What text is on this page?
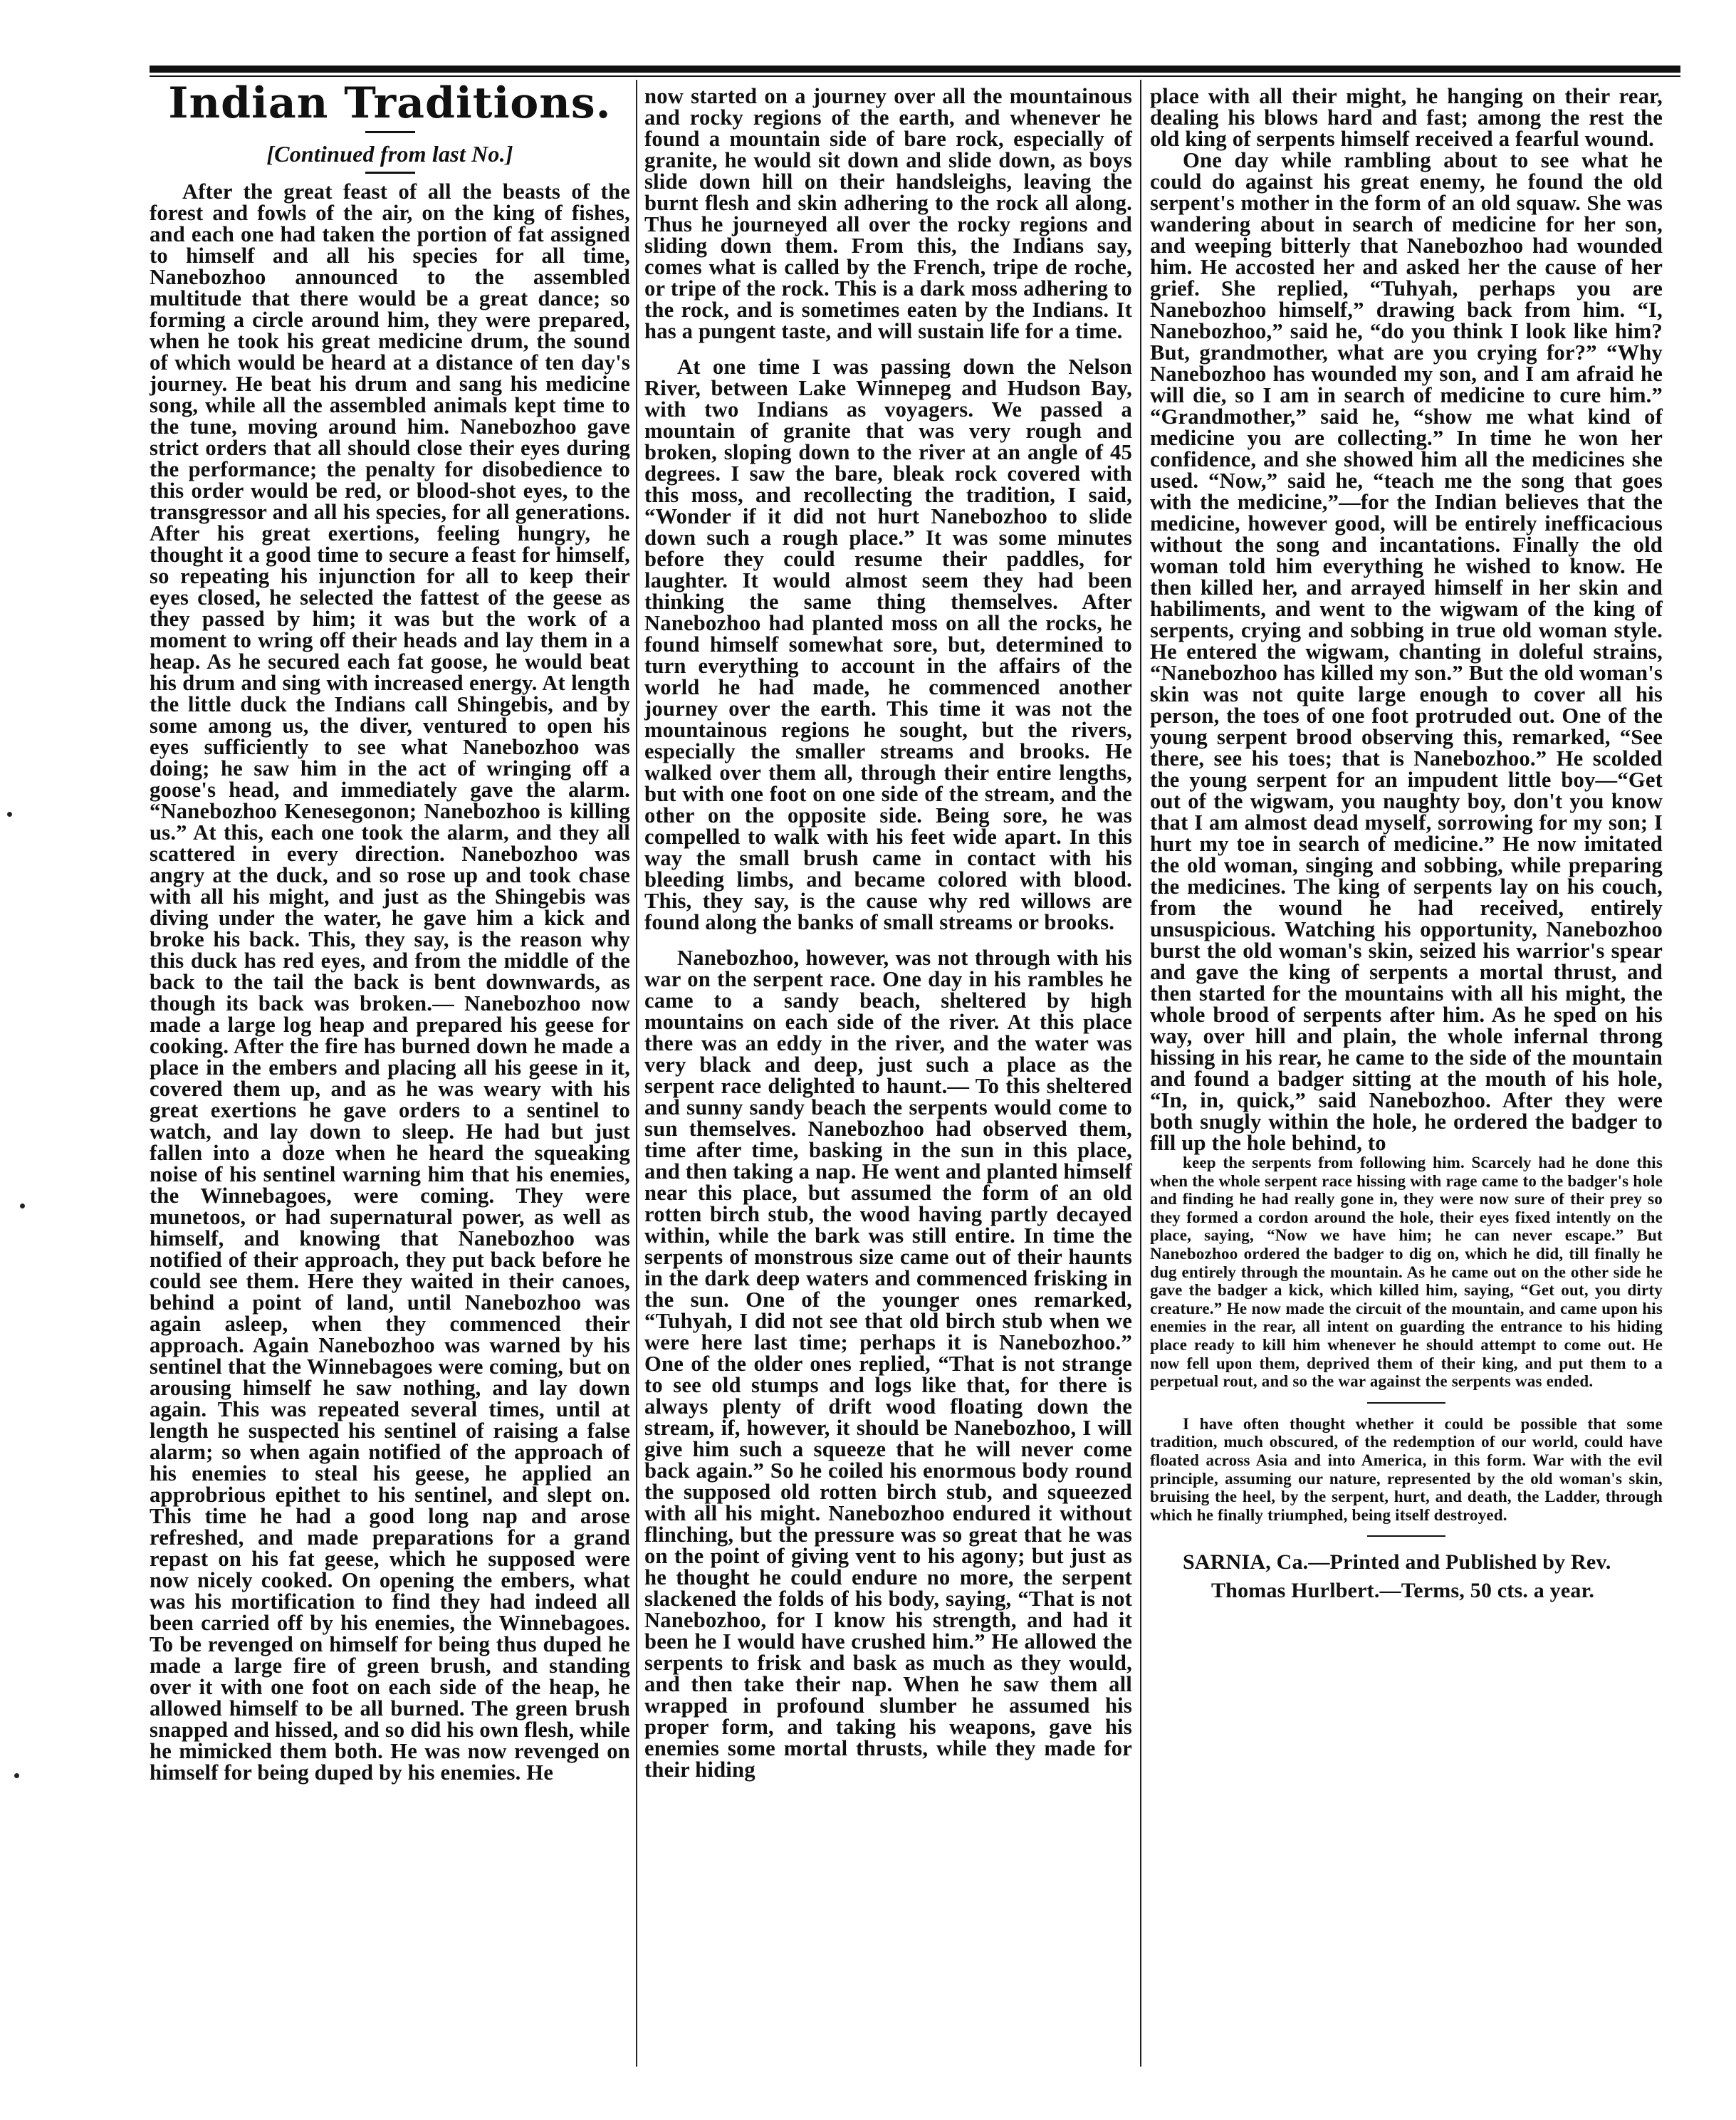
Indian Traditions.
[Continued from last No.]

After the great feast of all the beasts of the forest and fowls of the air, on the king of fishes, and each one had taken the portion of fat assigned to himself and all his species for all time, Nanebozhoo announced to the assembled multitude that there would be a great dance; so forming a circle around him, they were prepared, when he took his great medicine drum, the sound of which would be heard at a distance of ten day's journey. He beat his drum and sang his medicine song, while all the assembled animals kept time to the tune, moving around him. Nanebozhoo gave strict orders that all should close their eyes during the performance; the penalty for disobedience to this order would be red, or blood-shot eyes, to the transgressor and all his species, for all generations. After his great exertions, feeling hungry, he thought it a good time to secure a feast for himself, so repeating his injunction for all to keep their eyes closed, he selected the fattest of the geese as they passed by him; it was but the work of a moment to wring off their heads and lay them in a heap. As he secured each fat goose, he would beat his drum and sing with increased energy. At length the little duck the Indians call Shingebis, and by some among us, the diver, ventured to open his eyes sufficiently to see what Nanebozhoo was doing; he saw him in the act of wringing off a goose's head, and immediately gave the alarm. “Nanebozhoo Kenesegonon; Nanebozhoo is killing us.” At this, each one took the alarm, and they all scattered in every direction. Nanebozhoo was angry at the duck, and so rose up and took chase with all his might, and just as the Shingebis was diving under the water, he gave him a kick and broke his back. This, they say, is the reason why this duck has red eyes, and from the middle of the back to the tail the back is bent downwards, as though its back was broken.— Nanebozhoo now made a large log heap and prepared his geese for cooking. After the fire has burned down he made a place in the embers and placing all his geese in it, covered them up, and as he was weary with his great exertions he gave orders to a sentinel to watch, and lay down to sleep. He had but just fallen into a doze when he heard the squeaking noise of his sentinel warning him that his enemies, the Winnebagoes, were coming. They were munetoos, or had supernatural power, as well as himself, and knowing that Nanebozhoo was notified of their approach, they put back before he could see them. Here they waited in their canoes, behind a point of land, until Nanebozhoo was again asleep, when they commenced their approach. Again Nanebozhoo was warned by his sentinel that the Winnebagoes were coming, but on arousing himself he saw nothing, and lay down again. This was repeated several times, until at length he suspected his sentinel of raising a false alarm; so when again notified of the approach of his enemies to steal his geese, he applied an approbrious epithet to his sentinel, and slept on. This time he had a good long nap and arose refreshed, and made preparations for a grand repast on his fat geese, which he supposed were now nicely cooked. On opening the embers, what was his mortification to find they had indeed all been carried off by his enemies, the Winnebagoes. To be revenged on himself for being thus duped he made a large fire of green brush, and standing over it with one foot on each side of the heap, he allowed himself to be all burned. The green brush snapped and hissed, and so did his own flesh, while he mimicked them both. He was now revenged on himself for being duped by his enemies. He

now started on a journey over all the mountainous and rocky regions of the earth, and whenever he found a mountain side of bare rock, especially of granite, he would sit down and slide down, as boys slide down hill on their handsleighs, leaving the burnt flesh and skin adhering to the rock all along. Thus he journeyed all over the rocky regions and sliding down them. From this, the Indians say, comes what is called by the French, tripe de roche, or tripe of the rock. This is a dark moss adhering to the rock, and is sometimes eaten by the Indians. It has a pungent taste, and will sustain life for a time.

At one time I was passing down the Nelson River, between Lake Winnepeg and Hudson Bay, with two Indians as voyagers. We passed a mountain of granite that was very rough and broken, sloping down to the river at an angle of 45 degrees. I saw the bare, bleak rock covered with this moss, and recollecting the tradition, I said, “Wonder if it did not hurt Nanebozhoo to slide down such a rough place.” It was some minutes before they could resume their paddles, for laughter. It would almost seem they had been thinking the same thing themselves. After Nanebozhoo had planted moss on all the rocks, he found himself somewhat sore, but, determined to turn everything to account in the affairs of the world he had made, he commenced another journey over the earth. This time it was not the mountainous regions he sought, but the rivers, especially the smaller streams and brooks. He walked over them all, through their entire lengths, but with one foot on one side of the stream, and the other on the opposite side. Being sore, he was compelled to walk with his feet wide apart. In this way the small brush came in contact with his bleeding limbs, and became colored with blood. This, they say, is the cause why red willows are found along the banks of small streams or brooks.

Nanebozhoo, however, was not through with his war on the serpent race. One day in his rambles he came to a sandy beach, sheltered by high mountains on each side of the river. At this place there was an eddy in the river, and the water was very black and deep, just such a place as the serpent race delighted to haunt.— To this sheltered and sunny sandy beach the serpents would come to sun themselves. Nanebozhoo had observed them, time after time, basking in the sun in this place, and then taking a nap. He went and planted himself near this place, but assumed the form of an old rotten birch stub, the wood having partly decayed within, while the bark was still entire. In time the serpents of monstrous size came out of their haunts in the dark deep waters and commenced frisking in the sun. One of the younger ones remarked, “Tuhyah, I did not see that old birch stub when we were here last time; perhaps it is Nanebozhoo.” One of the older ones replied, “That is not strange to see old stumps and logs like that, for there is always plenty of drift wood floating down the stream, if, however, it should be Nanebozhoo, I will give him such a squeeze that he will never come back again.” So he coiled his enormous body round the supposed old rotten birch stub, and squeezed with all his might. Nanebozhoo endured it without flinching, but the pressure was so great that he was on the point of giving vent to his agony; but just as he thought he could endure no more, the serpent slackened the folds of his body, saying, “That is not Nanebozhoo, for I know his strength, and had it been he I would have crushed him.” He allowed the serpents to frisk and bask as much as they would, and then take their nap. When he saw them all wrapped in profound slumber he assumed his proper form, and taking his weapons, gave his enemies some mortal thrusts, while they made for their hiding

place with all their might, he hanging on their rear, dealing his blows hard and fast; among the rest the old king of serpents himself received a fearful wound.

One day while rambling about to see what he could do against his great enemy, he found the old serpent's mother in the form of an old squaw. She was wandering about in search of medicine for her son, and weeping bitterly that Nanebozhoo had wounded him. He accosted her and asked her the cause of her grief. She replied, “Tuhyah, perhaps you are Nanebozhoo himself,” drawing back from him. “I, Nanebozhoo,” said he, “do you think I look like him? But, grandmother, what are you crying for?” “Why Nanebozhoo has wounded my son, and I am afraid he will die, so I am in search of medicine to cure him.” “Grandmother,” said he, “show me what kind of medicine you are collecting.” In time he won her confidence, and she showed him all the medicines she used. “Now,” said he, “teach me the song that goes with the medicine,”—for the Indian believes that the medicine, however good, will be entirely inefficacious without the song and incantations. Finally the old woman told him everything he wished to know. He then killed her, and arrayed himself in her skin and habiliments, and went to the wigwam of the king of serpents, crying and sobbing in true old woman style. He entered the wigwam, chanting in doleful strains, “Nanebozhoo has killed my son.” But the old woman's skin was not quite large enough to cover all his person, the toes of one foot protruded out. One of the young serpent brood observing this, remarked, “See there, see his toes; that is Nanebozhoo.” He scolded the young serpent for an impudent little boy—“Get out of the wigwam, you naughty boy, don't you know that I am almost dead myself, sorrowing for my son; I hurt my toe in search of medicine.” He now imitated the old woman, singing and sobbing, while preparing the medicines. The king of serpents lay on his couch, from the wound he had received, entirely unsuspicious. Watching his opportunity, Nanebozhoo burst the old woman's skin, seized his warrior's spear and gave the king of serpents a mortal thrust, and then started for the mountains with all his might, the whole brood of serpents after him. As he sped on his way, over hill and plain, the whole infernal throng hissing in his rear, he came to the side of the mountain and found a badger sitting at the mouth of his hole, “In, in, quick,” said Nanebozhoo. After they were both snugly within the hole, he ordered the badger to fill up the hole behind, to

keep the serpents from following him. Scarcely had he done this when the whole serpent race hissing with rage came to the badger's hole and finding he had really gone in, they were now sure of their prey so they formed a cordon around the hole, their eyes fixed intently on the place, saying, “Now we have him; he can never escape.” But Nanebozhoo ordered the badger to dig on, which he did, till finally he dug entirely through the mountain. As he came out on the other side he gave the badger a kick, which killed him, saying, “Get out, you dirty creature.” He now made the circuit of the mountain, and came upon his enemies in the rear, all intent on guarding the entrance to his hiding place ready to kill him whenever he should attempt to come out. He now fell upon them, deprived them of their king, and put them to a perpetual rout, and so the war against the serpents was ended.

I have often thought whether it could be possible that some tradition, much obscured, of the redemption of our world, could have floated across Asia and into America, in this form. War with the evil principle, assuming our nature, represented by the old woman's skin, bruising the heel, by the serpent, hurt, and death, the Ladder, through which he finally triumphed, being itself destroyed.

SARNIA, Ca.—Printed and Published by Rev.
Thomas Hurlbert.—Terms, 50 cts. a year.
